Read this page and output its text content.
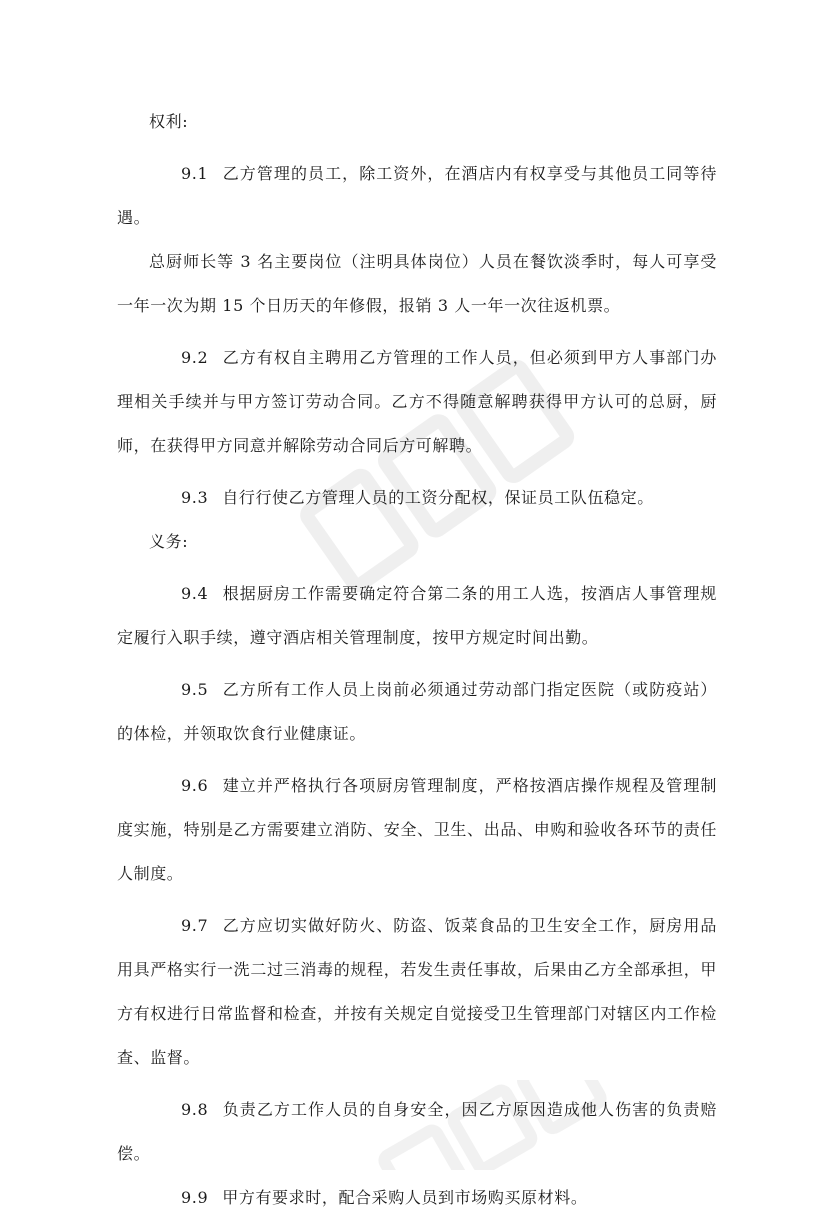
权利:

9.1 乙方管理的员工，除工资外，在酒店内有权享受与其他员工同等待遇。

总厨师长等 3 名主要岗位（注明具体岗位）人员在餐饮淡季时，每人可享受一年一次为期 15 个日历天的年修假，报销 3 人一年一次往返机票。

9.2 乙方有权自主聘用乙方管理的工作人员，但必须到甲方人事部门办理相关手续并与甲方签订劳动合同。乙方不得随意解聘获得甲方认可的总厨，厨师，在获得甲方同意并解除劳动合同后方可解聘。

9.3 自行行使乙方管理人员的工资分配权，保证员工队伍稳定。

义务:

9.4 根据厨房工作需要确定符合第二条的用工人选，按酒店人事管理规定履行入职手续，遵守酒店相关管理制度，按甲方规定时间出勤。

9.5 乙方所有工作人员上岗前必须通过劳动部门指定医院（或防疫站）的体检，并领取饮食行业健康证。

9.6 建立并严格执行各项厨房管理制度，严格按酒店操作规程及管理制度实施，特别是乙方需要建立消防、安全、卫生、出品、申购和验收各环节的责任人制度。

9.7 乙方应切实做好防火、防盗、饭菜食品的卫生安全工作，厨房用品用具严格实行一洗二过三消毒的规程，若发生责任事故，后果由乙方全部承担，甲方有权进行日常监督和检查，并按有关规定自觉接受卫生管理部门对辖区内工作检查、监督。

9.8 负责乙方工作人员的自身安全，因乙方原因造成他人伤害的负责赔偿。

9.9 甲方有要求时，配合采购人员到市场购买原材料。
